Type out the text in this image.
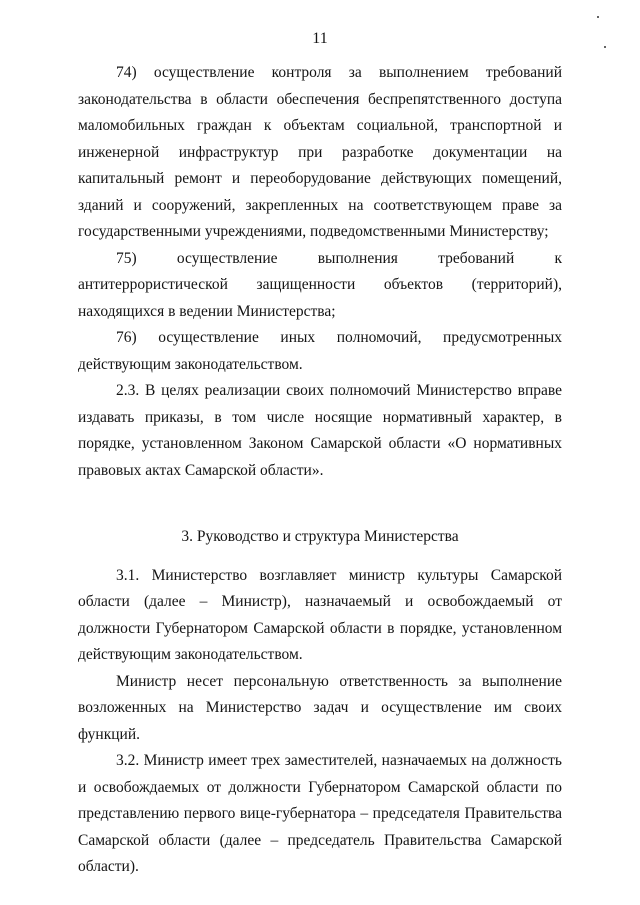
11

74) осуществление контроля за выполнением требований законодательства в области обеспечения беспрепятственного доступа маломобильных граждан к объектам социальной, транспортной и инженерной инфраструктур при разработке документации на капитальный ремонт и переоборудование действующих помещений, зданий и сооружений, закрепленных на соответствующем праве за государственными учреждениями, подведомственными Министерству;

75) осуществление выполнения требований к антитеррористической защищенности объектов (территорий), находящихся в ведении Министерства;

76) осуществление иных полномочий, предусмотренных действующим законодательством.

2.3. В целях реализации своих полномочий Министерство вправе издавать приказы, в том числе носящие нормативный характер, в порядке, установленном Законом Самарской области «О нормативных правовых актах Самарской области».

3. Руководство и структура Министерства

3.1. Министерство возглавляет министр культуры Самарской области (далее – Министр), назначаемый и освобождаемый от должности Губернатором Самарской области в порядке, установленном действующим законодательством.

Министр несет персональную ответственность за выполнение возложенных на Министерство задач и осуществление им своих функций.

3.2. Министр имеет трех заместителей, назначаемых на должность и освобождаемых от должности Губернатором Самарской области по представлению первого вице-губернатора – председателя Правительства Самарской области (далее – председатель Правительства Самарской области).
